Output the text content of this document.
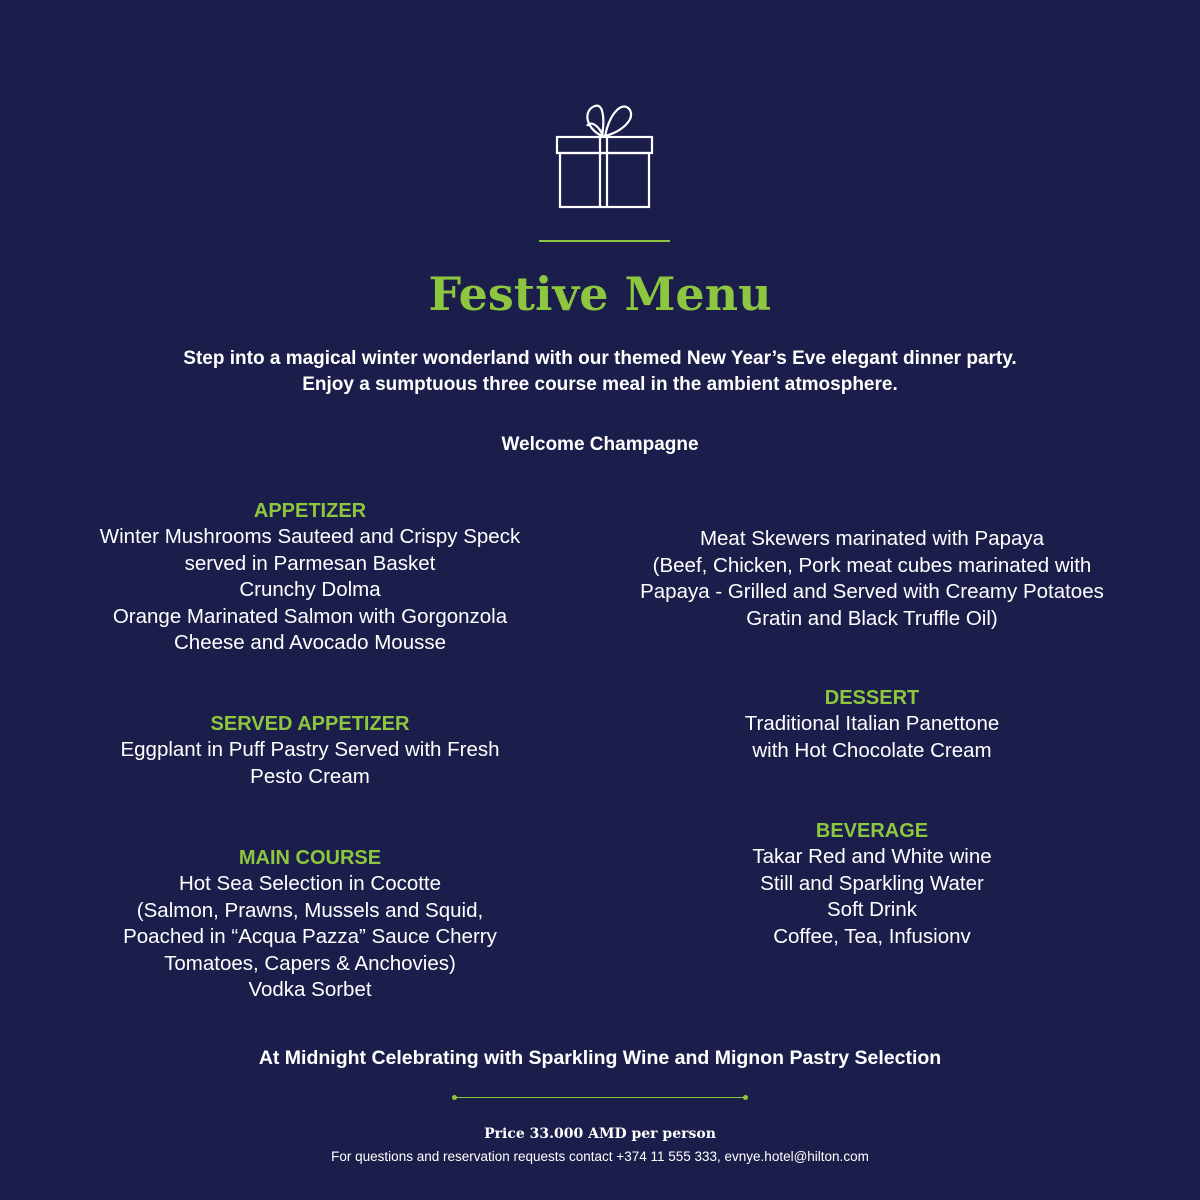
Festive Menu
Step into a magical winter wonderland with our themed New Year’s Eve elegant dinner party.
Enjoy a sumptuous three course meal in the ambient atmosphere.
Welcome Champagne
APPETIZER
Winter Mushrooms Sauteed and Crispy Speck
served in Parmesan Basket
Crunchy Dolma
Orange Marinated Salmon with Gorgonzola
Cheese and Avocado Mousse
SERVED APPETIZER
Eggplant in Puff Pastry Served with Fresh
Pesto Cream
MAIN COURSE
Hot Sea Selection in Cocotte
(Salmon, Prawns, Mussels and Squid,
Poached in “Acqua Pazza” Sauce Cherry
Tomatoes, Capers & Anchovies)
Vodka Sorbet
Meat Skewers marinated with Papaya
(Beef, Chicken, Pork meat cubes marinated with
Papaya - Grilled and Served with Creamy Potatoes
Gratin and Black Truffle Oil)
DESSERT
Traditional Italian Panettone
with Hot Chocolate Cream
BEVERAGE
Takar Red and White wine
Still and Sparkling Water
Soft Drink
Coffee, Tea, Infusionv
At Midnight Celebrating with Sparkling Wine and Mignon Pastry Selection
Price 33.000 AMD per person
For questions and reservation requests contact +374 11 555 333, evnye.hotel@hilton.com
